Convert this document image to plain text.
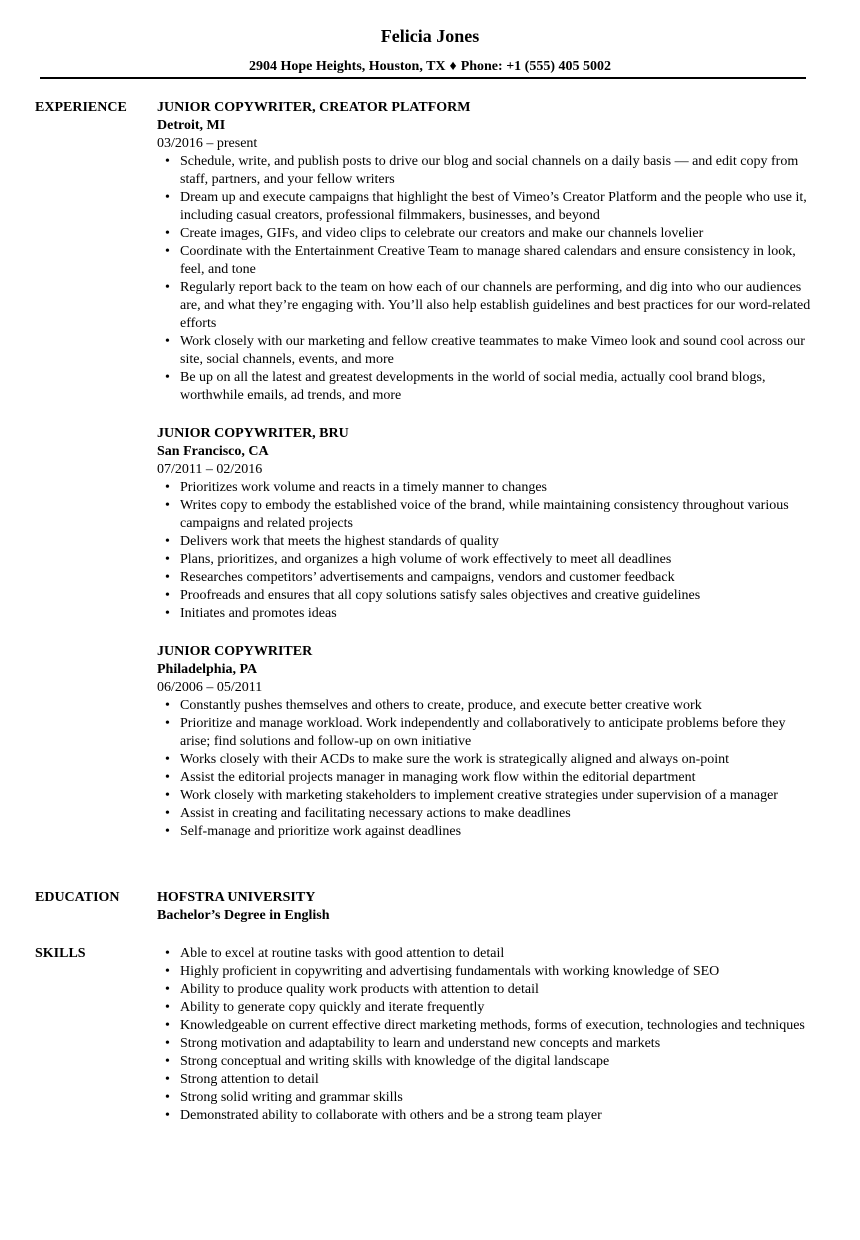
Felicia Jones
2904 Hope Heights, Houston, TX ♦ Phone: +1 (555) 405 5002
EXPERIENCE JUNIOR COPYWRITER, CREATOR PLATFORM
Detroit, MI
03/2016 – present
• Schedule, write, and publish posts to drive our blog and social channels on a daily basis — and edit copy from staff, partners, and your fellow writers
• Dream up and execute campaigns that highlight the best of Vimeo’s Creator Platform and the people who use it, including casual creators, professional filmmakers, businesses, and beyond
• Create images, GIFs, and video clips to celebrate our creators and make our channels lovelier
• Coordinate with the Entertainment Creative Team to manage shared calendars and ensure consistency in look, feel, and tone
• Regularly report back to the team on how each of our channels are performing, and dig into who our audiences are, and what they’re engaging with. You’ll also help establish guidelines and best practices for our word-related efforts
• Work closely with our marketing and fellow creative teammates to make Vimeo look and sound cool across our site, social channels, events, and more
• Be up on all the latest and greatest developments in the world of social media, actually cool brand blogs, worthwhile emails, ad trends, and more
JUNIOR COPYWRITER, BRU
San Francisco, CA
07/2011 – 02/2016
• Prioritizes work volume and reacts in a timely manner to changes
• Writes copy to embody the established voice of the brand, while maintaining consistency throughout various campaigns and related projects
• Delivers work that meets the highest standards of quality
• Plans, prioritizes, and organizes a high volume of work effectively to meet all deadlines
• Researches competitors’ advertisements and campaigns, vendors and customer feedback
• Proofreads and ensures that all copy solutions satisfy sales objectives and creative guidelines
• Initiates and promotes ideas
JUNIOR COPYWRITER
Philadelphia, PA
06/2006 – 05/2011
• Constantly pushes themselves and others to create, produce, and execute better creative work
• Prioritize and manage workload. Work independently and collaboratively to anticipate problems before they arise; find solutions and follow-up on own initiative
• Works closely with their ACDs to make sure the work is strategically aligned and always on-point
• Assist the editorial projects manager in managing work flow within the editorial department
• Work closely with marketing stakeholders to implement creative strategies under supervision of a manager
• Assist in creating and facilitating necessary actions to make deadlines
• Self-manage and prioritize work against deadlines
EDUCATION	HOFSTRA UNIVERSITY
Bachelor’s Degree in English
SKILLS
•	Able to excel at routine tasks with good attention to detail
• Highly proficient in copywriting and advertising fundamentals with working knowledge of SEO
• Ability to produce quality work products with attention to detail
• Ability to generate copy quickly and iterate frequently
• Knowledgeable on current effective direct marketing methods, forms of execution, technologies and techniques
• Strong motivation and adaptability to learn and understand new concepts and markets
• Strong conceptual and writing skills with knowledge of the digital landscape
• Strong attention to detail
• Strong solid writing and grammar skills
• Demonstrated ability to collaborate with others and be a strong team player
